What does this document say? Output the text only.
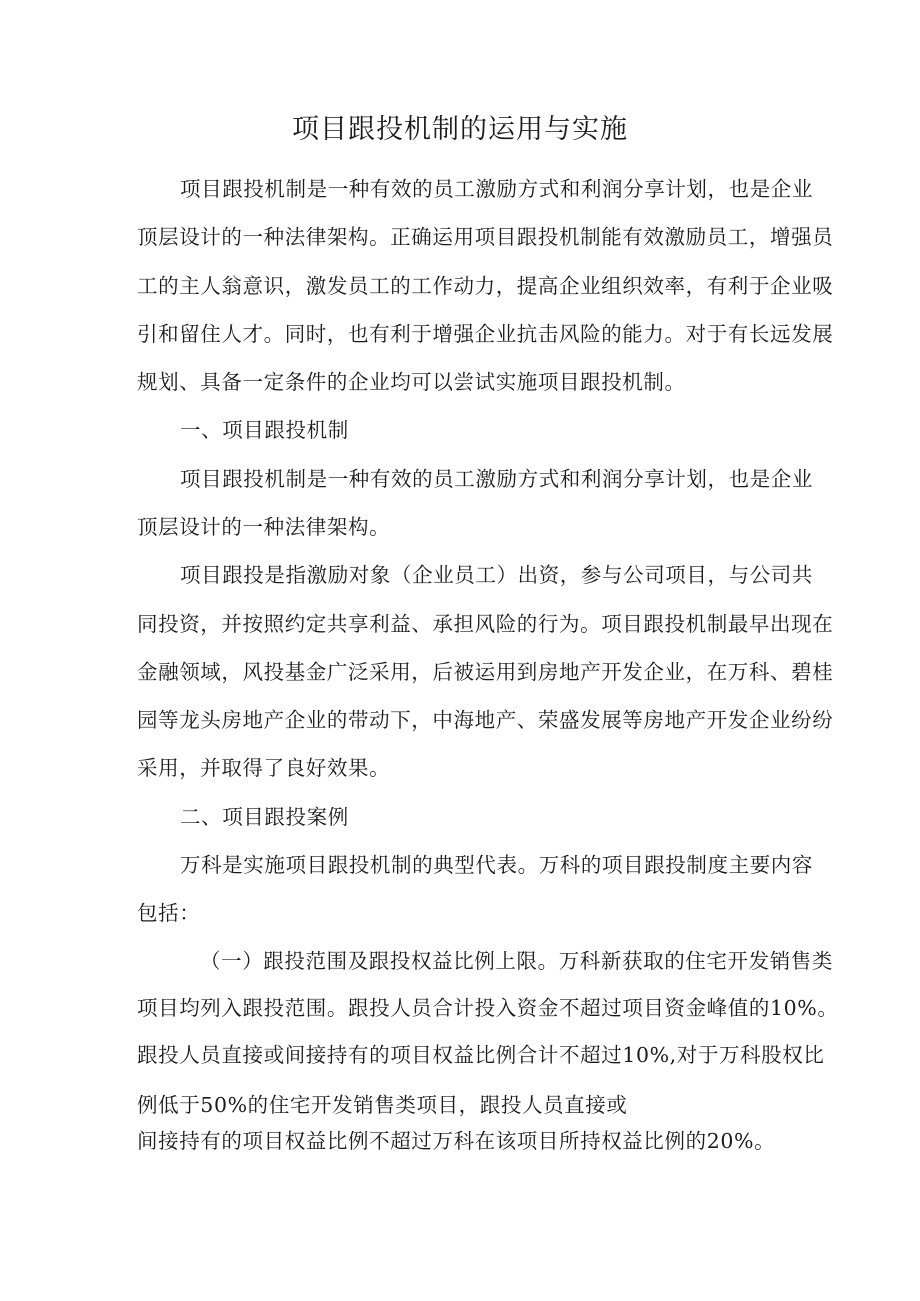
项目跟投机制的运用与实施
项目跟投机制是一种有效的员工激励方式和利润分享计划，也是企业
顶层设计的一种法律架构。正确运用项目跟投机制能有效激励员工，增强员
工的主人翁意识，激发员工的工作动力，提高企业组织效率，有利于企业吸
引和留住人才。同时，也有利于增强企业抗击风险的能力。对于有长远发展
规划、具备一定条件的企业均可以尝试实施项目跟投机制。
一、项目跟投机制
项目跟投机制是一种有效的员工激励方式和利润分享计划，也是企业
顶层设计的一种法律架构。
项目跟投是指激励对象（企业员工）出资，参与公司项目，与公司共
同投资，并按照约定共享利益、承担风险的行为。项目跟投机制最早出现在
金融领域，风投基金广泛采用，后被运用到房地产开发企业，在万科、碧桂
园等龙头房地产企业的带动下，中海地产、荣盛发展等房地产开发企业纷纷
采用，并取得了良好效果。
二、项目跟投案例
万科是实施项目跟投机制的典型代表。万科的项目跟投制度主要内容
包括：
（一）跟投范围及跟投权益比例上限。万科新获取的住宅开发销售类
项目均列入跟投范围。跟投人员合计投入资金不超过项目资金峰值的10%。
跟投人员直接或间接持有的项目权益比例合计不超过10%,对于万科股权比
例低于50%的住宅开发销售类项目，跟投人员直接或
间接持有的项目权益比例不超过万科在该项目所持权益比例的20%。
